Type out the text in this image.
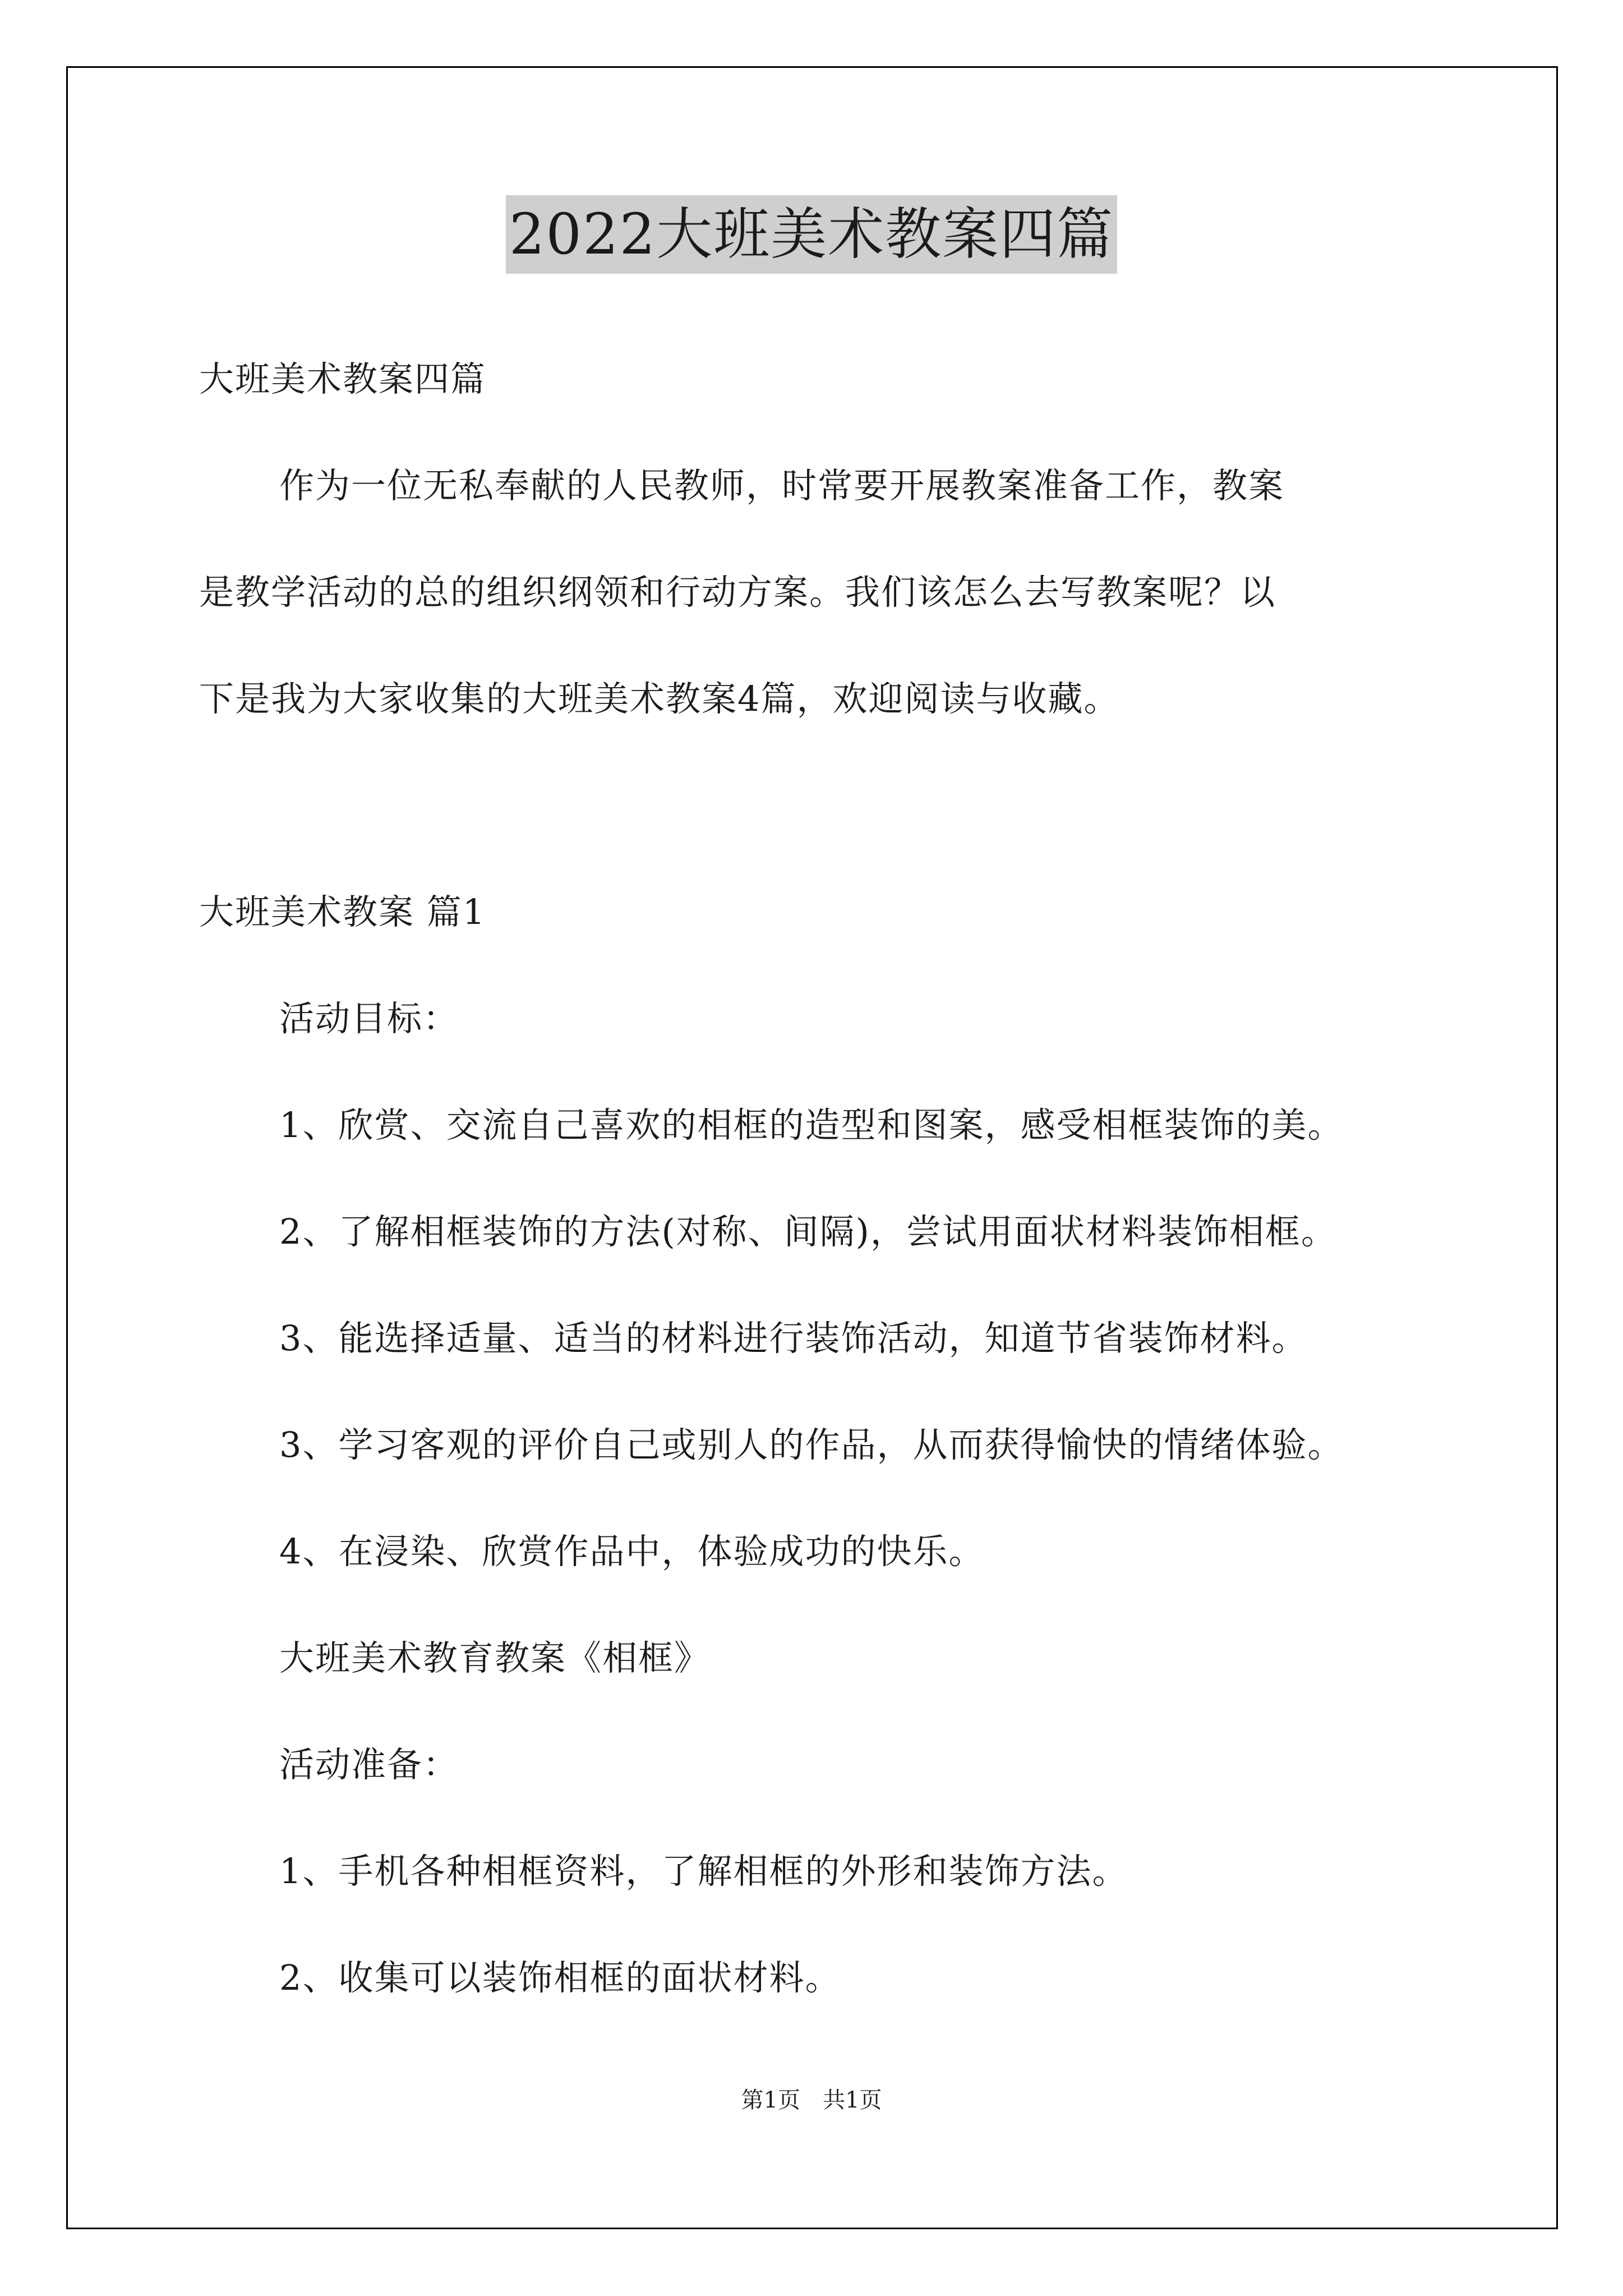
2022大班美术教案四篇
大班美术教案四篇
作为一位无私奉献的人民教师，时常要开展教案准备工作，教案
是教学活动的总的组织纲领和行动方案。我们该怎么去写教案呢？以
下是我为大家收集的大班美术教案4篇，欢迎阅读与收藏。
大班美术教案 篇1
活动目标：
1、欣赏、交流自己喜欢的相框的造型和图案，感受相框装饰的美。
2、了解相框装饰的方法(对称、间隔)，尝试用面状材料装饰相框。
3、能选择适量、适当的材料进行装饰活动，知道节省装饰材料。
3、学习客观的评价自己或别人的作品，从而获得愉快的情绪体验。
4、在浸染、欣赏作品中，体验成功的快乐。
大班美术教育教案《相框》
活动准备：
1、手机各种相框资料，了解相框的外形和装饰方法。
2、收集可以装饰相框的面状材料。
第1页 共1页
